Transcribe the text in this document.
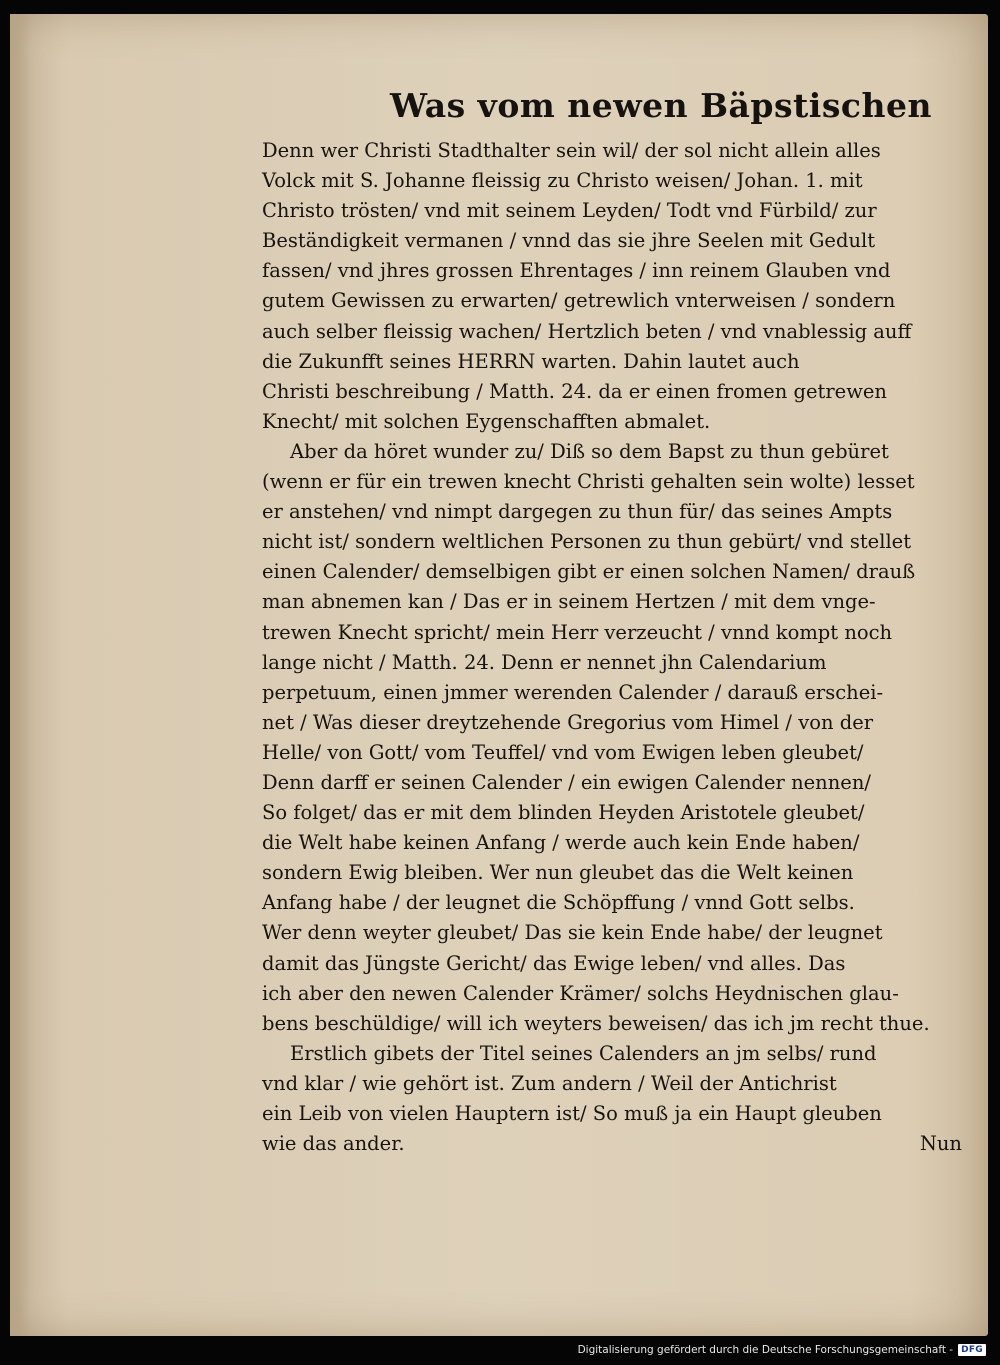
Was vom newen Bäpstischen
Denn wer Christi Stadthalter sein wil/ der sol nicht allein alles
Volck mit S. Johanne fleissig zu Christo weisen/ Johan. 1. mit
Christo trösten/ vnd mit seinem Leyden/ Todt vnd Fürbild/ zur
Beständigkeit vermanen / vnnd das sie jhre Seelen mit Gedult
fassen/ vnd jhres grossen Ehrentages / inn reinem Glauben vnd
gutem Gewissen zu erwarten/ getrewlich vnterweisen / sondern
auch selber fleissig wachen/ Hertzlich beten / vnd vnablessig auff
die Zukunfft seines HERRN warten. Dahin lautet auch
Christi beschreibung / Matth. 24. da er einen fromen getrewen
Knecht/ mit solchen Eygenschafften abmalet.
Aber da höret wunder zu/ Diß so dem Bapst zu thun gebüret
(wenn er für ein trewen knecht Christi gehalten sein wolte) lesset
er anstehen/ vnd nimpt dargegen zu thun für/ das seines Ampts
nicht ist/ sondern weltlichen Personen zu thun gebürt/ vnd stellet
einen Calender/ demselbigen gibt er einen solchen Namen/ drauß
man abnemen kan / Das er in seinem Hertzen / mit dem vnge-
trewen Knecht spricht/ mein Herr verzeucht / vnnd kompt noch
lange nicht / Matth. 24. Denn er nennet jhn Calendarium
perpetuum, einen jmmer werenden Calender / darauß erschei-
net / Was dieser dreytzehende Gregorius vom Himel / von der
Helle/ von Gott/ vom Teuffel/ vnd vom Ewigen leben gleubet/
Denn darff er seinen Calender / ein ewigen Calender nennen/
So folget/ das er mit dem blinden Heyden Aristotele gleubet/
die Welt habe keinen Anfang / werde auch kein Ende haben/
sondern Ewig bleiben. Wer nun gleubet das die Welt keinen
Anfang habe / der leugnet die Schöpffung / vnnd Gott selbs.
Wer denn weyter gleubet/ Das sie kein Ende habe/ der leugnet
damit das Jüngste Gericht/ das Ewige leben/ vnd alles. Das
ich aber den newen Calender Krämer/ solchs Heydnischen glau-
bens beschüldige/ will ich weyters beweisen/ das ich jm recht thue.
Erstlich gibets der Titel seines Calenders an jm selbs/ rund
vnd klar / wie gehört ist. Zum andern / Weil der Antichrist
ein Leib von vielen Hauptern ist/ So muß ja ein Haupt gleuben
wie das ander.	Nun
Digitalisierung gefördert durch die Deutsche Forschungsgemeinschaft - DFG
